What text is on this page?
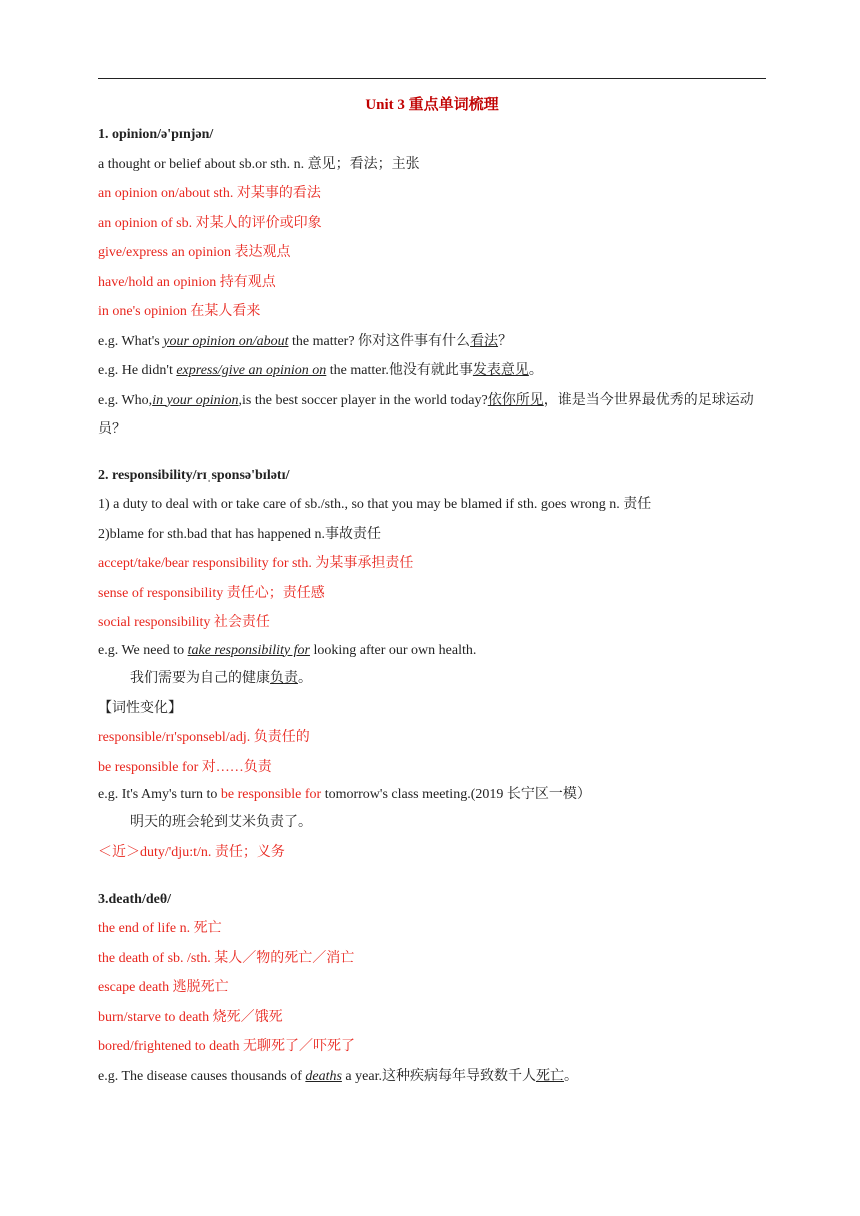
Unit 3 重点单词梳理
1. opinion/ə'pɪnjən/
a thought or belief about sb.or sth. n. 意见；看法；主张
an opinion on/about sth. 对某事的看法
an opinion of sb. 对某人的评价或印象
give/express an opinion 表达观点
have/hold an opinion 持有观点
in one's opinion 在某人看来
e.g. What's your opinion on/about the matter? 你对这件事有什么看法？
e.g. He didn't express/give an opinion on the matter.他没有就此事发表意见。
e.g. Who,in your opinion,is the best soccer player in the world today?依你所见，谁是当今世界最优秀的足球运动员？
2. responsibility/rɪˌsponsə'bɪlətɪ/
1) a duty to deal with or take care of sb./sth., so that you may be blamed if sth. goes wrong n. 责任
2)blame for sth.bad that has happened n.事故责任
accept/take/bear responsibility for sth. 为某事承担责任
sense of responsibility 责任心；责任感
social responsibility 社会责任
e.g. We need to take responsibility for looking after our own health.
我们需要为自己的健康负责。
【词性变化】
responsible/rɪ'sponsebl/adj. 负责任的
be responsible for 对……负责
e.g. It's Amy's turn to be responsible for tomorrow's class meeting.(2019 长宁区一模）
明天的班会轮到艾米负责了。
＜近＞duty/'dju:t/n. 责任；义务
3.death/deθ/
the end of life n. 死亡
the death of sb. /sth. 某人／物的死亡／消亡
escape death 逃脱死亡
burn/starve to death 烧死／饿死
bored/frightened to death 无聊死了／吓死了
e.g. The disease causes thousands of deaths a year.这种疾病每年导致数千人死亡。
